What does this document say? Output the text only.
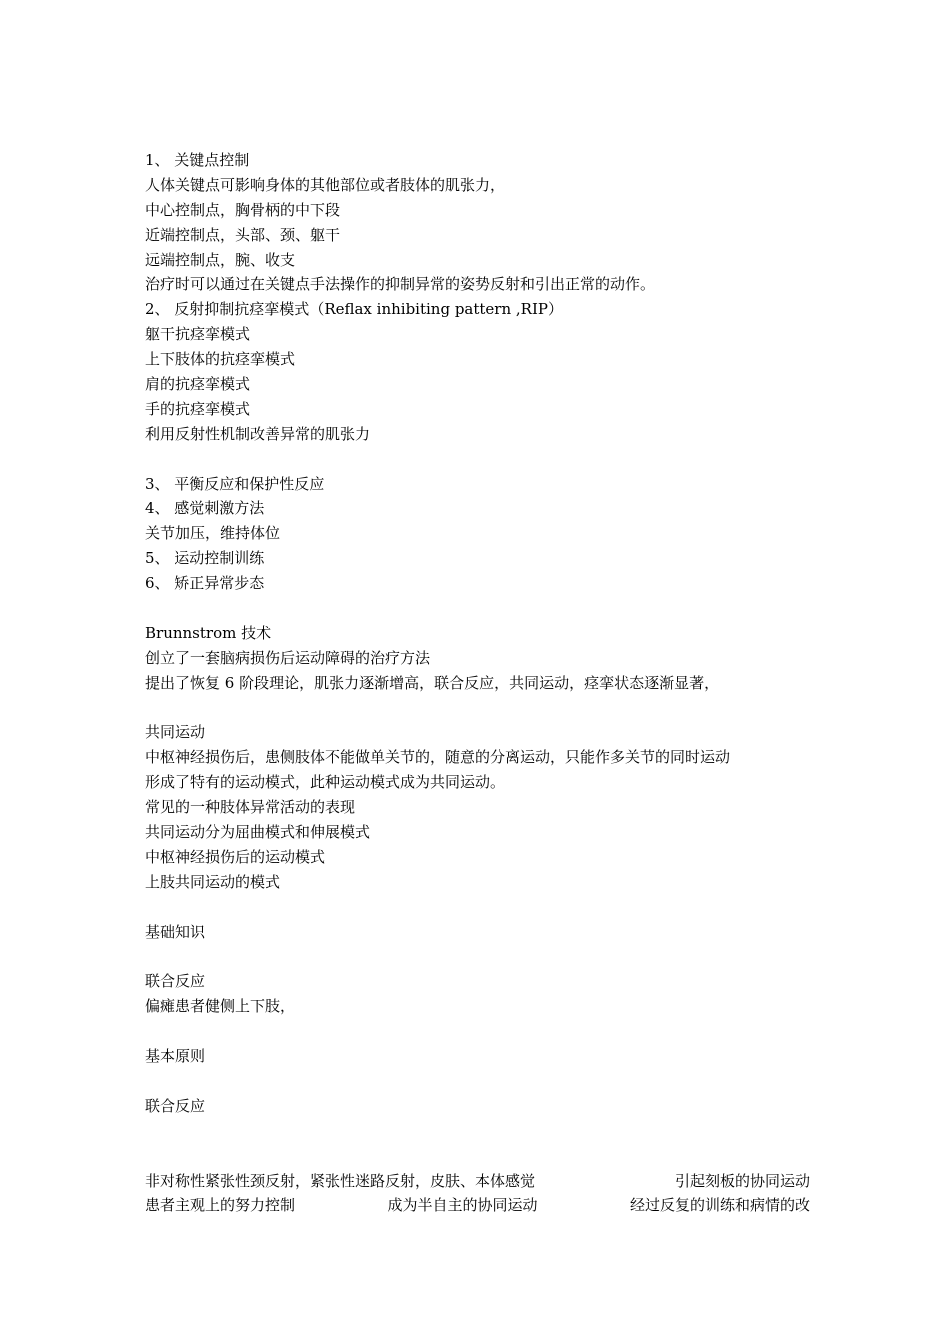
1、 关键点控制
人体关键点可影响身体的其他部位或者肢体的肌张力，
中心控制点，胸骨柄的中下段
近端控制点，头部、颈、躯干
远端控制点，腕、收支
治疗时可以通过在关键点手法操作的抑制异常的姿势反射和引出正常的动作。
2、 反射抑制抗痉挛模式（Reflax inhibiting pattern ,RIP）
躯干抗痉挛模式
上下肢体的抗痉挛模式
肩的抗痉挛模式
手的抗痉挛模式
利用反射性机制改善异常的肌张力
3、 平衡反应和保护性反应
4、 感觉刺激方法
关节加压，维持体位
5、 运动控制训练
6、 矫正异常步态
Brunnstrom 技术
创立了一套脑病损伤后运动障碍的治疗方法
提出了恢复 6 阶段理论，肌张力逐渐增高，联合反应，共同运动，痉挛状态逐渐显著，
共同运动
中枢神经损伤后，患侧肢体不能做单关节的，随意的分离运动，只能作多关节的同时运动
形成了特有的运动模式，此种运动模式成为共同运动。
常见的一种肢体异常活动的表现
共同运动分为屈曲模式和伸展模式
中枢神经损伤后的运动模式
上肢共同运动的模式
基础知识
联合反应
偏瘫患者健侧上下肢，
基本原则
联合反应
非对称性紧张性颈反射，紧张性迷路反射，皮肤、本体感觉	引起刻板的协同运动
患者主观上的努力控制	成为半自主的协同运动	经过反复的训练和病情的改
